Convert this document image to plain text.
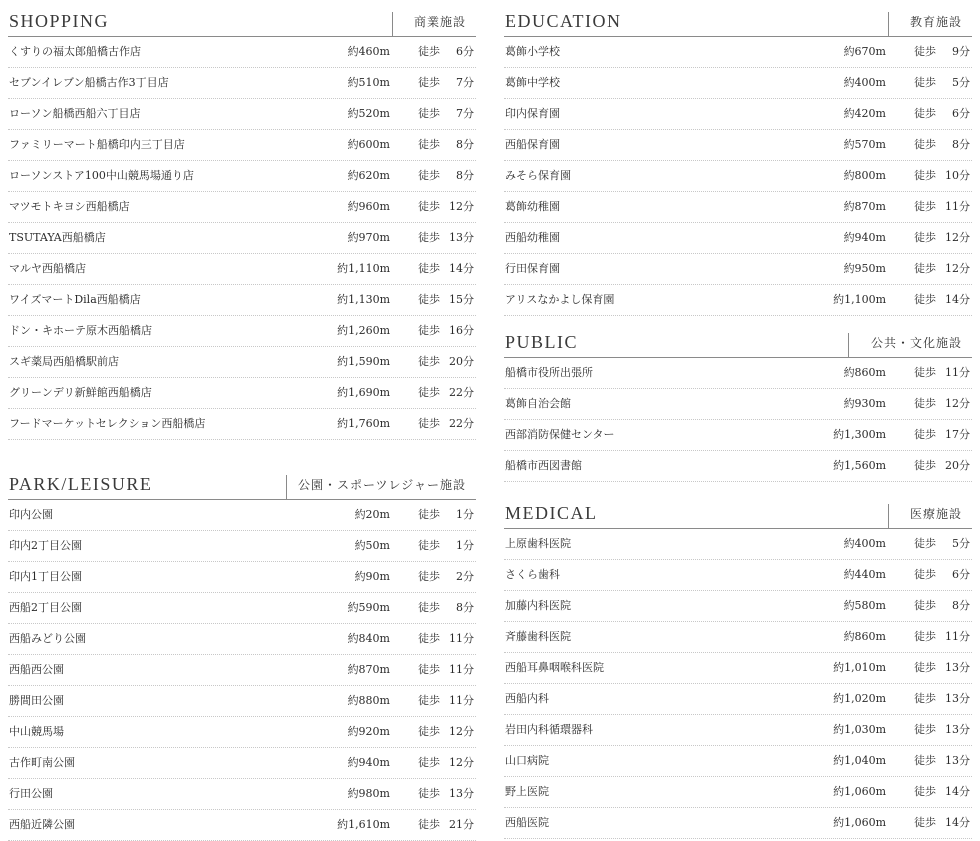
SHOPPING	商業施設
くすりの福太郎船橋古作店	約460m	徒歩 6分
セブンイレブン船橋古作3丁目店	約510m	徒歩 7分
ローソン船橋西船六丁目店	約520m	徒歩 7分
ファミリーマート船橋印内三丁目店	約600m	徒歩 8分
ローソンストア100中山競馬場通り店	約620m	徒歩 8分
マツモトキヨシ西船橋店	約960m	徒歩 12分
TSUTAYA西船橋店	約970m	徒歩 13分
マルヤ西船橋店	約1,110m	徒歩 14分
ワイズマートDila西船橋店	約1,130m	徒歩 15分
ドン・キホーテ原木西船橋店	約1,260m	徒歩 16分
スギ薬局西船橋駅前店	約1,590m	徒歩 20分
グリーンデリ新鮮館西船橋店	約1,690m	徒歩 22分
フードマーケットセレクション西船橋店	約1,760m	徒歩 22分
PARK/LEISURE	公園・スポーツレジャー施設
印内公園	約20m	徒歩 1分
印内2丁目公園	約50m	徒歩 1分
印内1丁目公園	約90m	徒歩 2分
西船2丁目公園	約590m	徒歩 8分
西船みどり公園	約840m	徒歩 11分
西船西公園	約870m	徒歩 11分
勝間田公園	約880m	徒歩 11分
中山競馬場	約920m	徒歩 12分
古作町南公園	約940m	徒歩 12分
行田公園	約980m	徒歩 13分
西船近隣公園	約1,610m	徒歩 21分
EDUCATION	教育施設
葛飾小学校	約670m	徒歩 9分
葛飾中学校	約400m	徒歩 5分
印内保育園	約420m	徒歩 6分
西船保育園	約570m	徒歩 8分
みそら保育園	約800m	徒歩 10分
葛飾幼稚園	約870m	徒歩 11分
西船幼稚園	約940m	徒歩 12分
行田保育園	約950m	徒歩 12分
アリスなかよし保育園	約1,100m	徒歩 14分
PUBLIC	公共・文化施設
船橋市役所出張所	約860m	徒歩 11分
葛飾自治会館	約930m	徒歩 12分
西部消防保健センター	約1,300m	徒歩 17分
船橋市西図書館	約1,560m	徒歩 20分
MEDICAL	医療施設
上原歯科医院	約400m	徒歩 5分
さくら歯科	約440m	徒歩 6分
加藤内科医院	約580m	徒歩 8分
斉藤歯科医院	約860m	徒歩 11分
西船耳鼻咽喉科医院	約1,010m	徒歩 13分
西船内科	約1,020m	徒歩 13分
岩田内科循環器科	約1,030m	徒歩 13分
山口病院	約1,040m	徒歩 13分
野上医院	約1,060m	徒歩 14分
西船医院	約1,060m	徒歩 14分
